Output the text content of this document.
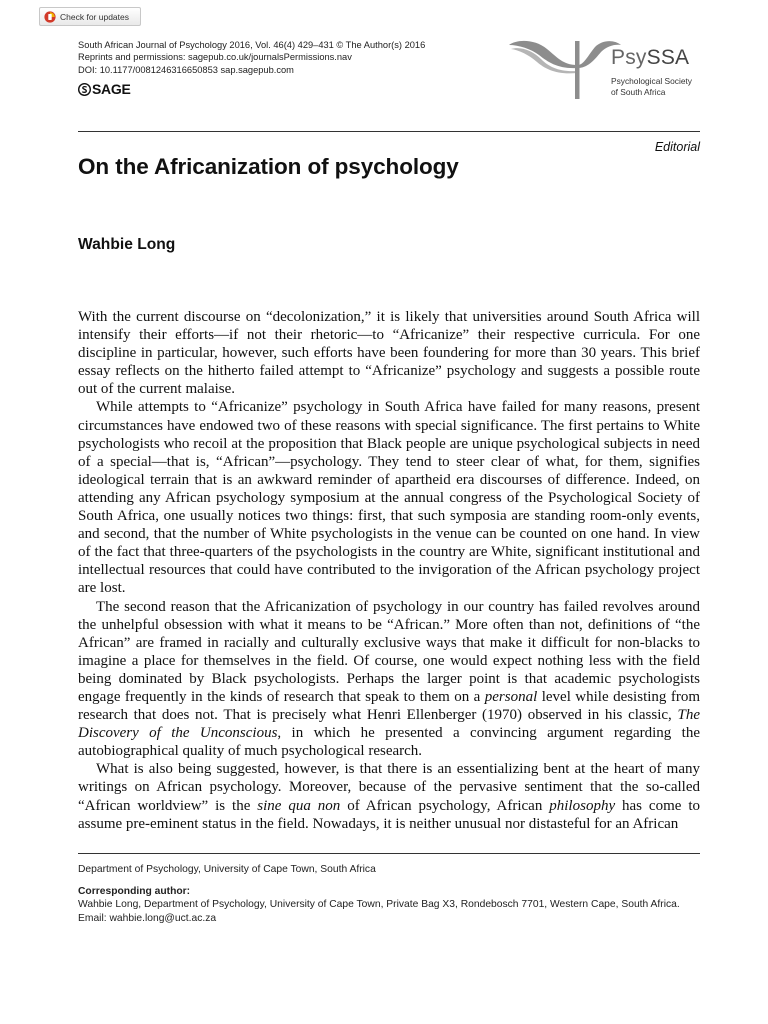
Check for updates
South African Journal of Psychology 2016, Vol. 46(4) 429–431 © The Author(s) 2016
Reprints and permissions: sagepub.co.uk/journalsPermissions.nav
DOI: 10.1177/0081246316650853 sap.sagepub.com
SAGE
PsySSA
Psychological Society
of South Africa
Editorial
On the Africanization of psychology
Wahbie Long

With the current discourse on “decolonization,” it is likely that universities around South Africa will intensify their efforts—if not their rhetoric—to “Africanize” their respective curricula. For one discipline in particular, however, such efforts have been foundering for more than 30 years. This brief essay reflects on the hitherto failed attempt to “Africanize” psychology and suggests a possible route out of the current malaise.

While attempts to “Africanize” psychology in South Africa have failed for many reasons, present circumstances have endowed two of these reasons with special significance. The first pertains to White psychologists who recoil at the proposition that Black people are unique psychological subjects in need of a special—that is, “African”—psychology. They tend to steer clear of what, for them, signifies ideological terrain that is an awkward reminder of apartheid era discourses of difference. Indeed, on attending any African psychology symposium at the annual congress of the Psychological Society of South Africa, one usually notices two things: first, that such symposia are standing room-only events, and second, that the number of White psychologists in the venue can be counted on one hand. In view of the fact that three-quarters of the psychologists in the country are White, significant institutional and intellectual resources that could have contributed to the invigoration of the African psychology project are lost.

The second reason that the Africanization of psychology in our country has failed revolves around the unhelpful obsession with what it means to be “African.” More often than not, definitions of “the African” are framed in racially and culturally exclusive ways that make it difficult for non-blacks to imagine a place for themselves in the field. Of course, one would expect nothing less with the field being dominated by Black psychologists. Perhaps the larger point is that academic psychologists engage frequently in the kinds of research that speak to them on a personal level while desisting from research that does not. That is precisely what Henri Ellenberger (1970) observed in his classic, The Discovery of the Unconscious, in which he presented a convincing argument regarding the autobiographical quality of much psychological research.

What is also being suggested, however, is that there is an essentializing bent at the heart of many writings on African psychology. Moreover, because of the pervasive sentiment that the so-called “African worldview” is the sine qua non of African psychology, African philosophy has come to assume pre-eminent status in the field. Nowadays, it is neither unusual nor distasteful for an African

Department of Psychology, University of Cape Town, South Africa

Corresponding author:

Wahbie Long, Department of Psychology, University of Cape Town, Private Bag X3, Rondebosch 7701, Western Cape, South Africa.

Email: wahbie.long@uct.ac.za
